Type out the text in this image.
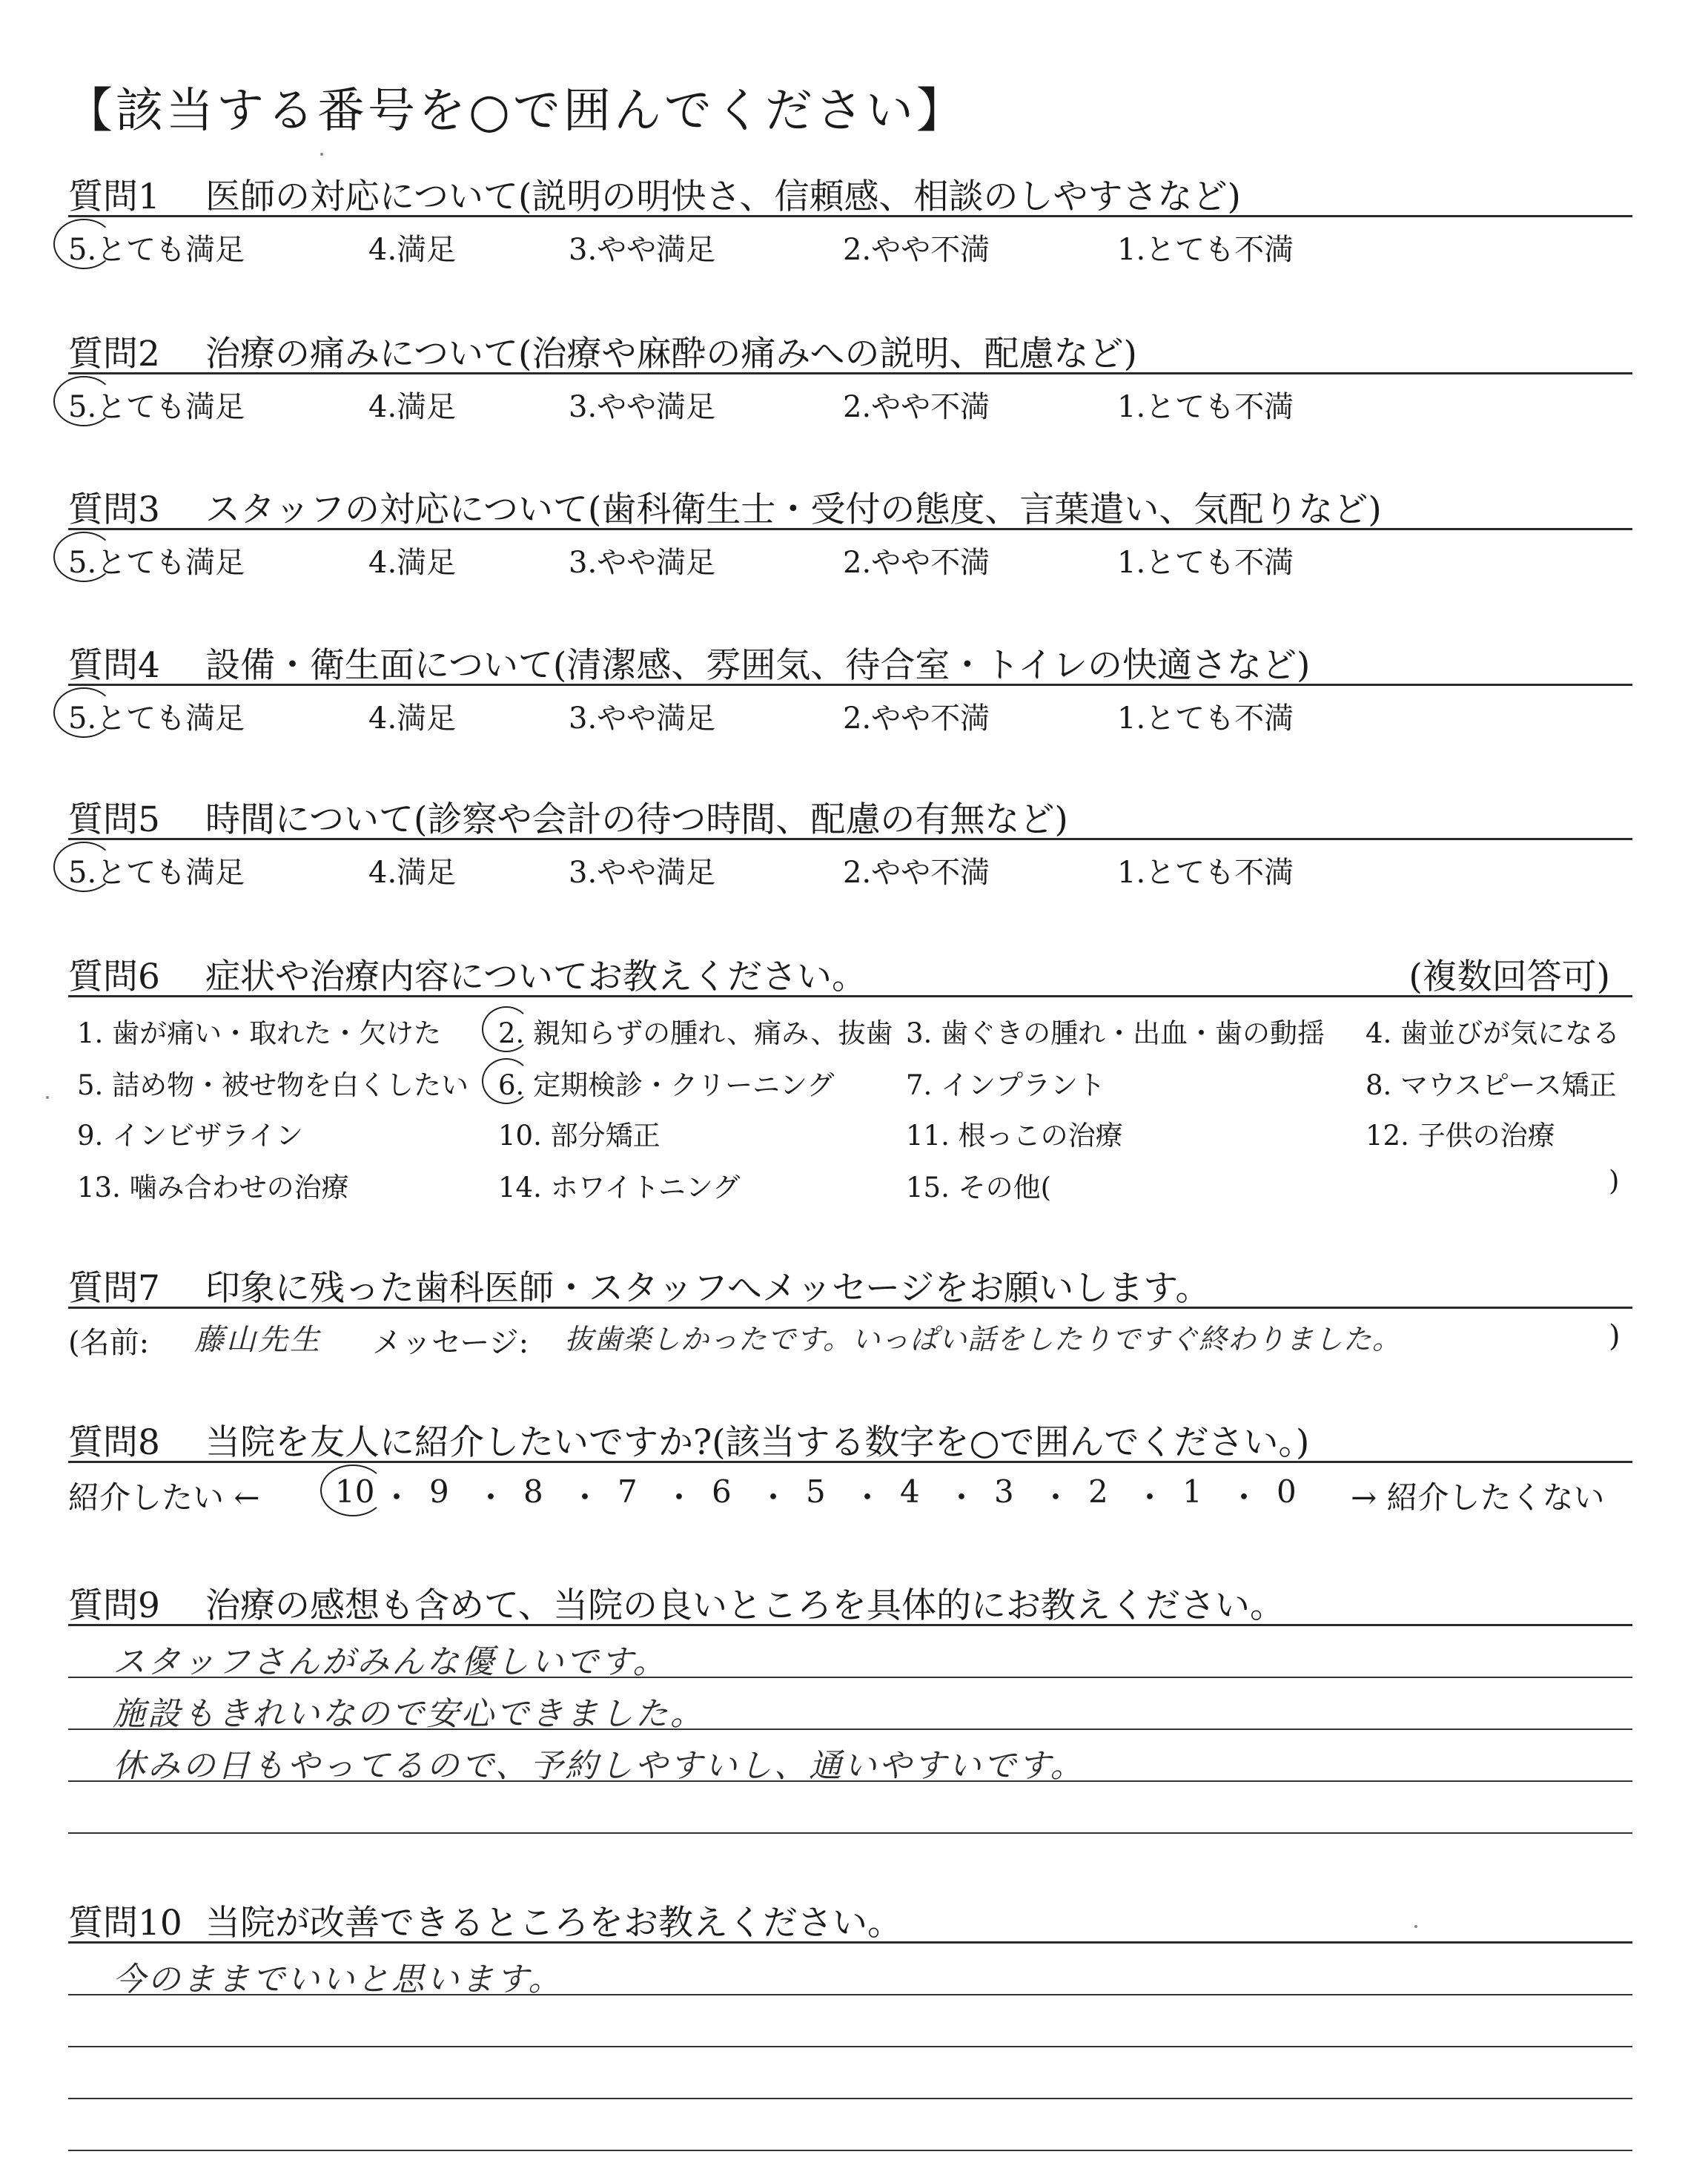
【該当する番号を○で囲んでください】
質問1	医師の対応について(説明の明快さ、信頼感、相談のしやすさなど)
5.とても満足	4.満足	3.やや満足	2.やや不満	1.とても不満
質問2	治療の痛みについて(治療や麻酔の痛みへの説明、配慮など)
5.とても満足	4.満足	3.やや満足	2.やや不満	1.とても不満
質問3	スタッフの対応について(歯科衛生士・受付の態度、言葉遣い、気配りなど)
5.とても満足	4.満足	3.やや満足	2.やや不満	1.とても不満
質問4	設備・衛生面について(清潔感、雰囲気、待合室・トイレの快適さなど)
5.とても満足	4.満足	3.やや満足	2.やや不満	1.とても不満
質問5	時間について(診察や会計の待つ時間、配慮の有無など)
5.とても満足	4.満足	3.やや満足	2.やや不満	1.とても不満
質問6	症状や治療内容についてお教えください。	(複数回答可)
1. 歯が痛い・取れた・欠けた 2. 親知らずの腫れ、痛み、抜歯 3. 歯ぐきの腫れ・出血・歯の動揺 4. 歯並びが気になる
5. 詰め物・被せ物を白くしたい 6. 定期検診・クリーニング	7. インプラント	8. マウスピース矯正
9. インビザライン	10. 部分矯正	11. 根っこの治療	12. 子供の治療
13. 噛み合わせの治療	14. ホワイトニング	15. その他(	)
質問7	印象に残った歯科医師・スタッフへメッセージをお願いします。
(名前: 藤山先生 メッセージ: 抜歯楽しかったです。いっぱい話をしたりですぐ終わりました。	)
質問8	当院を友人に紹介したいですか?(該当する数字を○で囲んでください。)
紹介したい ←	→ 紹介したくない
10 ・ 9 ・ 8 ・ 7 ・ 6 ・ 5 ・ 4 ・ 3 ・ 2 ・ 1 ・ 0
質問9	治療の感想も含めて、当院の良いところを具体的にお教えください。
スタッフさんがみんな優しいです。
施設もきれいなので安心できました。
休みの日もやってるので、予約しやすいし、通いやすいです。
質問10 当院が改善できるところをお教えください。
今のままでいいと思います。
